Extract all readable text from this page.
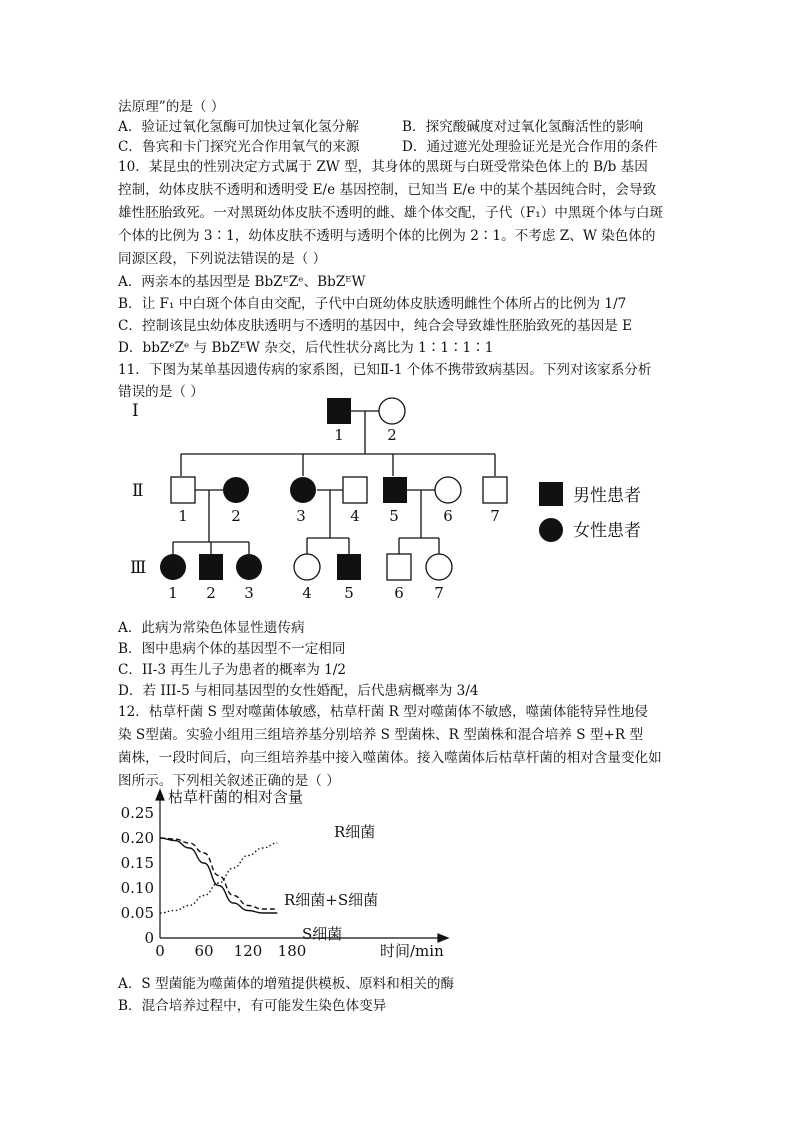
法原理”的是（ ）
A．验证过氧化氢酶可加快过氧化氢分解	B．探究酸碱度对过氧化氢酶活性的影响
C．鲁宾和卡门探究光合作用氧气的来源	D．通过遮光处理验证光是光合作用的条件
10．某昆虫的性别决定方式属于 ZW 型，其身体的黑斑与白斑受常染色体上的 B/b 基因
控制，幼体皮肤不透明和透明受 E/e 基因控制，已知当 E/e 中的某个基因纯合时，会导致
雄性胚胎致死。一对黑斑幼体皮肤不透明的雌、雄个体交配，子代（F₁）中黑斑个体与白斑
个体的比例为 3∶1，幼体皮肤不透明与透明个体的比例为 2∶1。不考虑 Z、W 染色体的
同源区段，下列说法错误的是（ ）
A．两亲本的基因型是 BbZᴱZᵉ、BbZᴱW
B．让 F₁ 中白斑个体自由交配，子代中白斑幼体皮肤透明雌性个体所占的比例为 1/7
C．控制该昆虫幼体皮肤透明与不透明的基因中，纯合会导致雄性胚胎致死的基因是 E
D．bbZᵉZᵉ 与 BbZᴱW 杂交，后代性状分离比为 1∶1∶1∶1
11．下图为某单基因遗传病的家系图，已知Ⅱ-1 个体不携带致病基因。下列对该家系分析
错误的是（ ）
Ⅰ
Ⅱ
Ⅲ
1	2
1	2	3	4 5	6 7
1 2 3	4 5	6 7
男性患者
女性患者
A．此病为常染色体显性遗传病
B．图中患病个体的基因型不一定相同
C．II-3 再生儿子为患者的概率为 1/2
D．若 III-5 与相同基因型的女性婚配，后代患病概率为 3/4
12．枯草杆菌 S 型对噬菌体敏感，枯草杆菌 R 型对噬菌体不敏感，噬菌体能特异性地侵
染 S型菌。实验小组用三组培养基分别培养 S 型菌株、R 型菌株和混合培养 S 型+R 型
菌株，一段时间后，向三组培养基中接入噬菌体。接入噬菌体后枯草杆菌的相对含量变化如
图所示。下列相关叙述正确的是（ ）
枯草杆菌的相对含量
时间/min
0
0.05
0.10
0.15
0.20
0.25
0 60 120 180
R细菌
R细菌+S细菌
S细菌
A．S 型菌能为噬菌体的增殖提供模板、原料和相关的酶
B．混合培养过程中，有可能发生染色体变异
